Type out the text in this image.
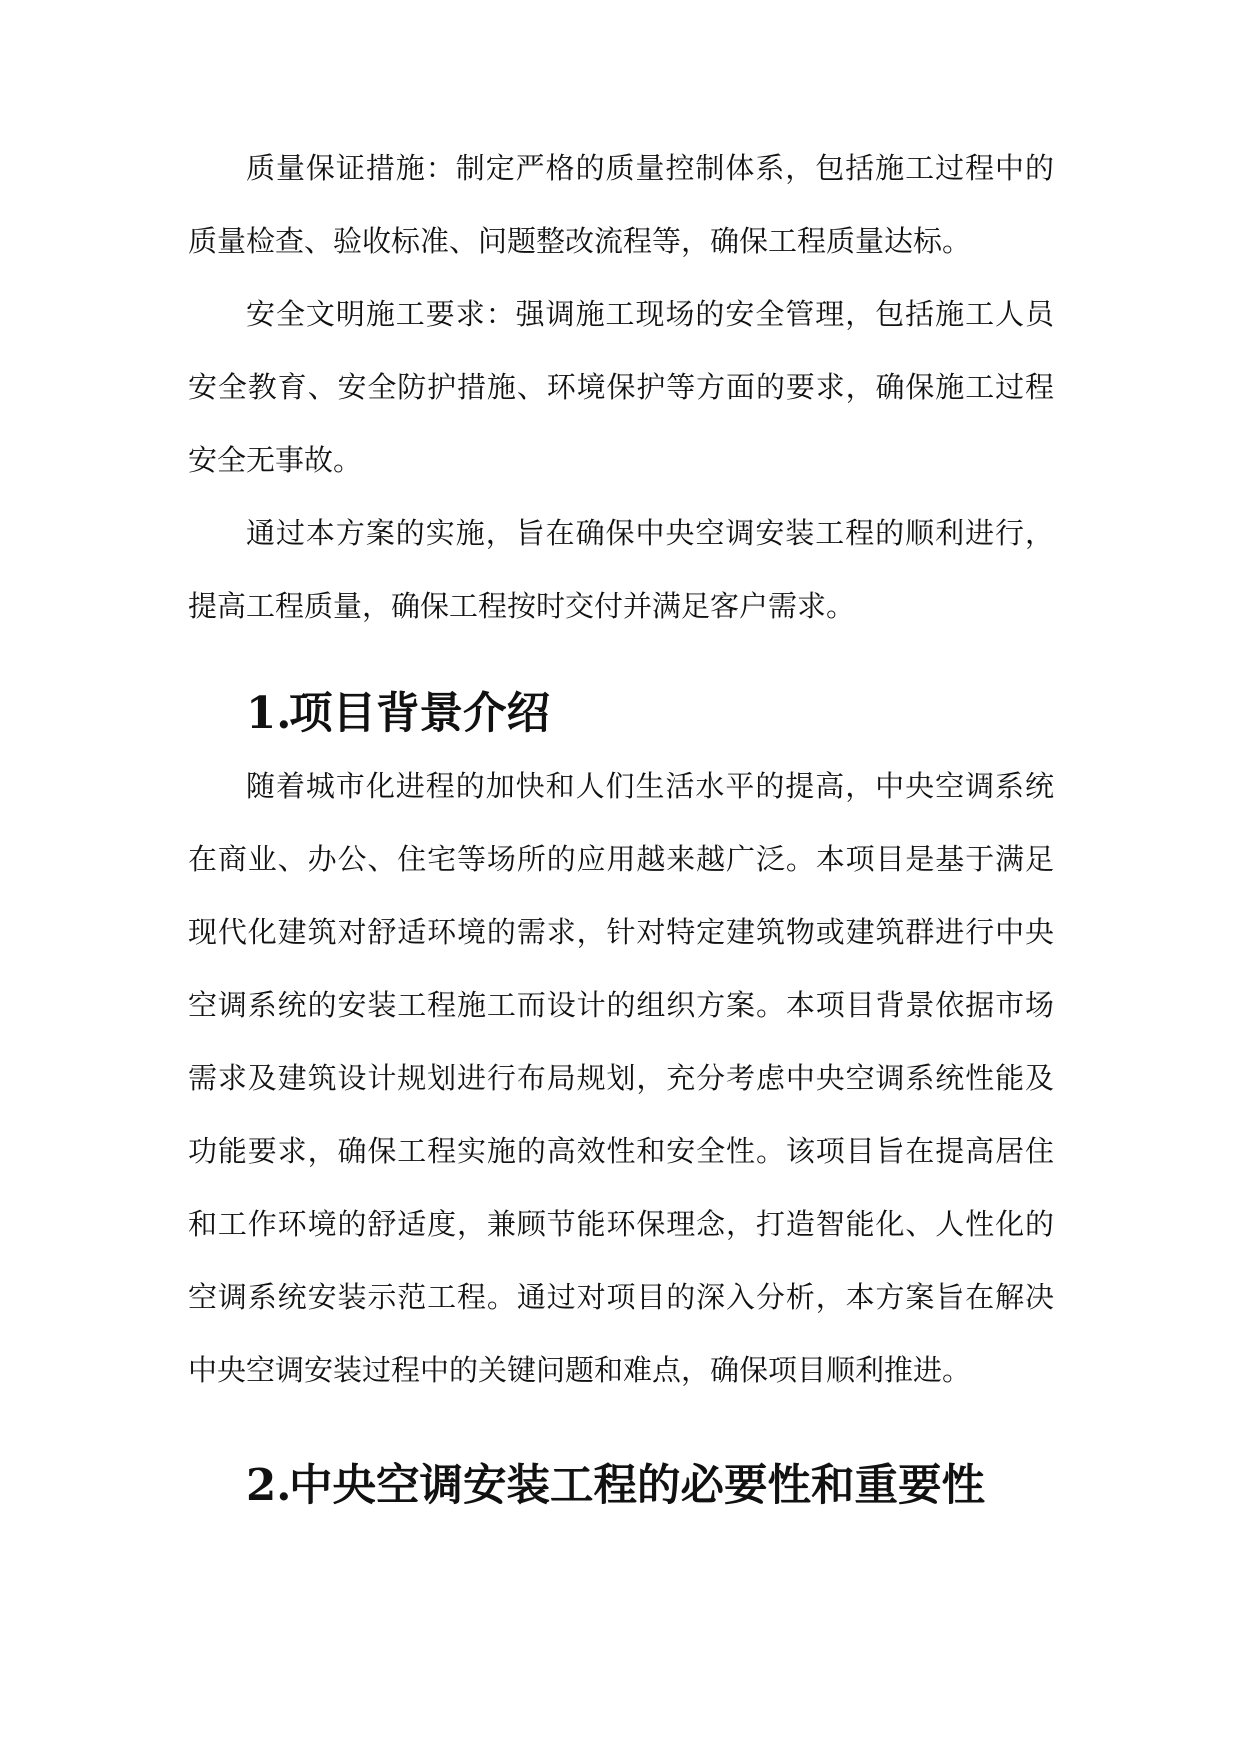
质量保证措施：制定严格的质量控制体系，包括施工过程中的质量检查、验收标准、问题整改流程等，确保工程质量达标。

安全文明施工要求：强调施工现场的安全管理，包括施工人员安全教育、安全防护措施、环境保护等方面的要求，确保施工过程安全无事故。

通过本方案的实施，旨在确保中央空调安装工程的顺利进行，提高工程质量，确保工程按时交付并满足客户需求。

1.项目背景介绍

随着城市化进程的加快和人们生活水平的提高，中央空调系统在商业、办公、住宅等场所的应用越来越广泛。本项目是基于满足现代化建筑对舒适环境的需求，针对特定建筑物或建筑群进行中央空调系统的安装工程施工而设计的组织方案。本项目背景依据市场需求及建筑设计规划进行布局规划，充分考虑中央空调系统性能及功能要求，确保工程实施的高效性和安全性。该项目旨在提高居住和工作环境的舒适度，兼顾节能环保理念，打造智能化、人性化的空调系统安装示范工程。通过对项目的深入分析，本方案旨在解决中央空调安装过程中的关键问题和难点，确保项目顺利推进。

2.中央空调安装工程的必要性和重要性
